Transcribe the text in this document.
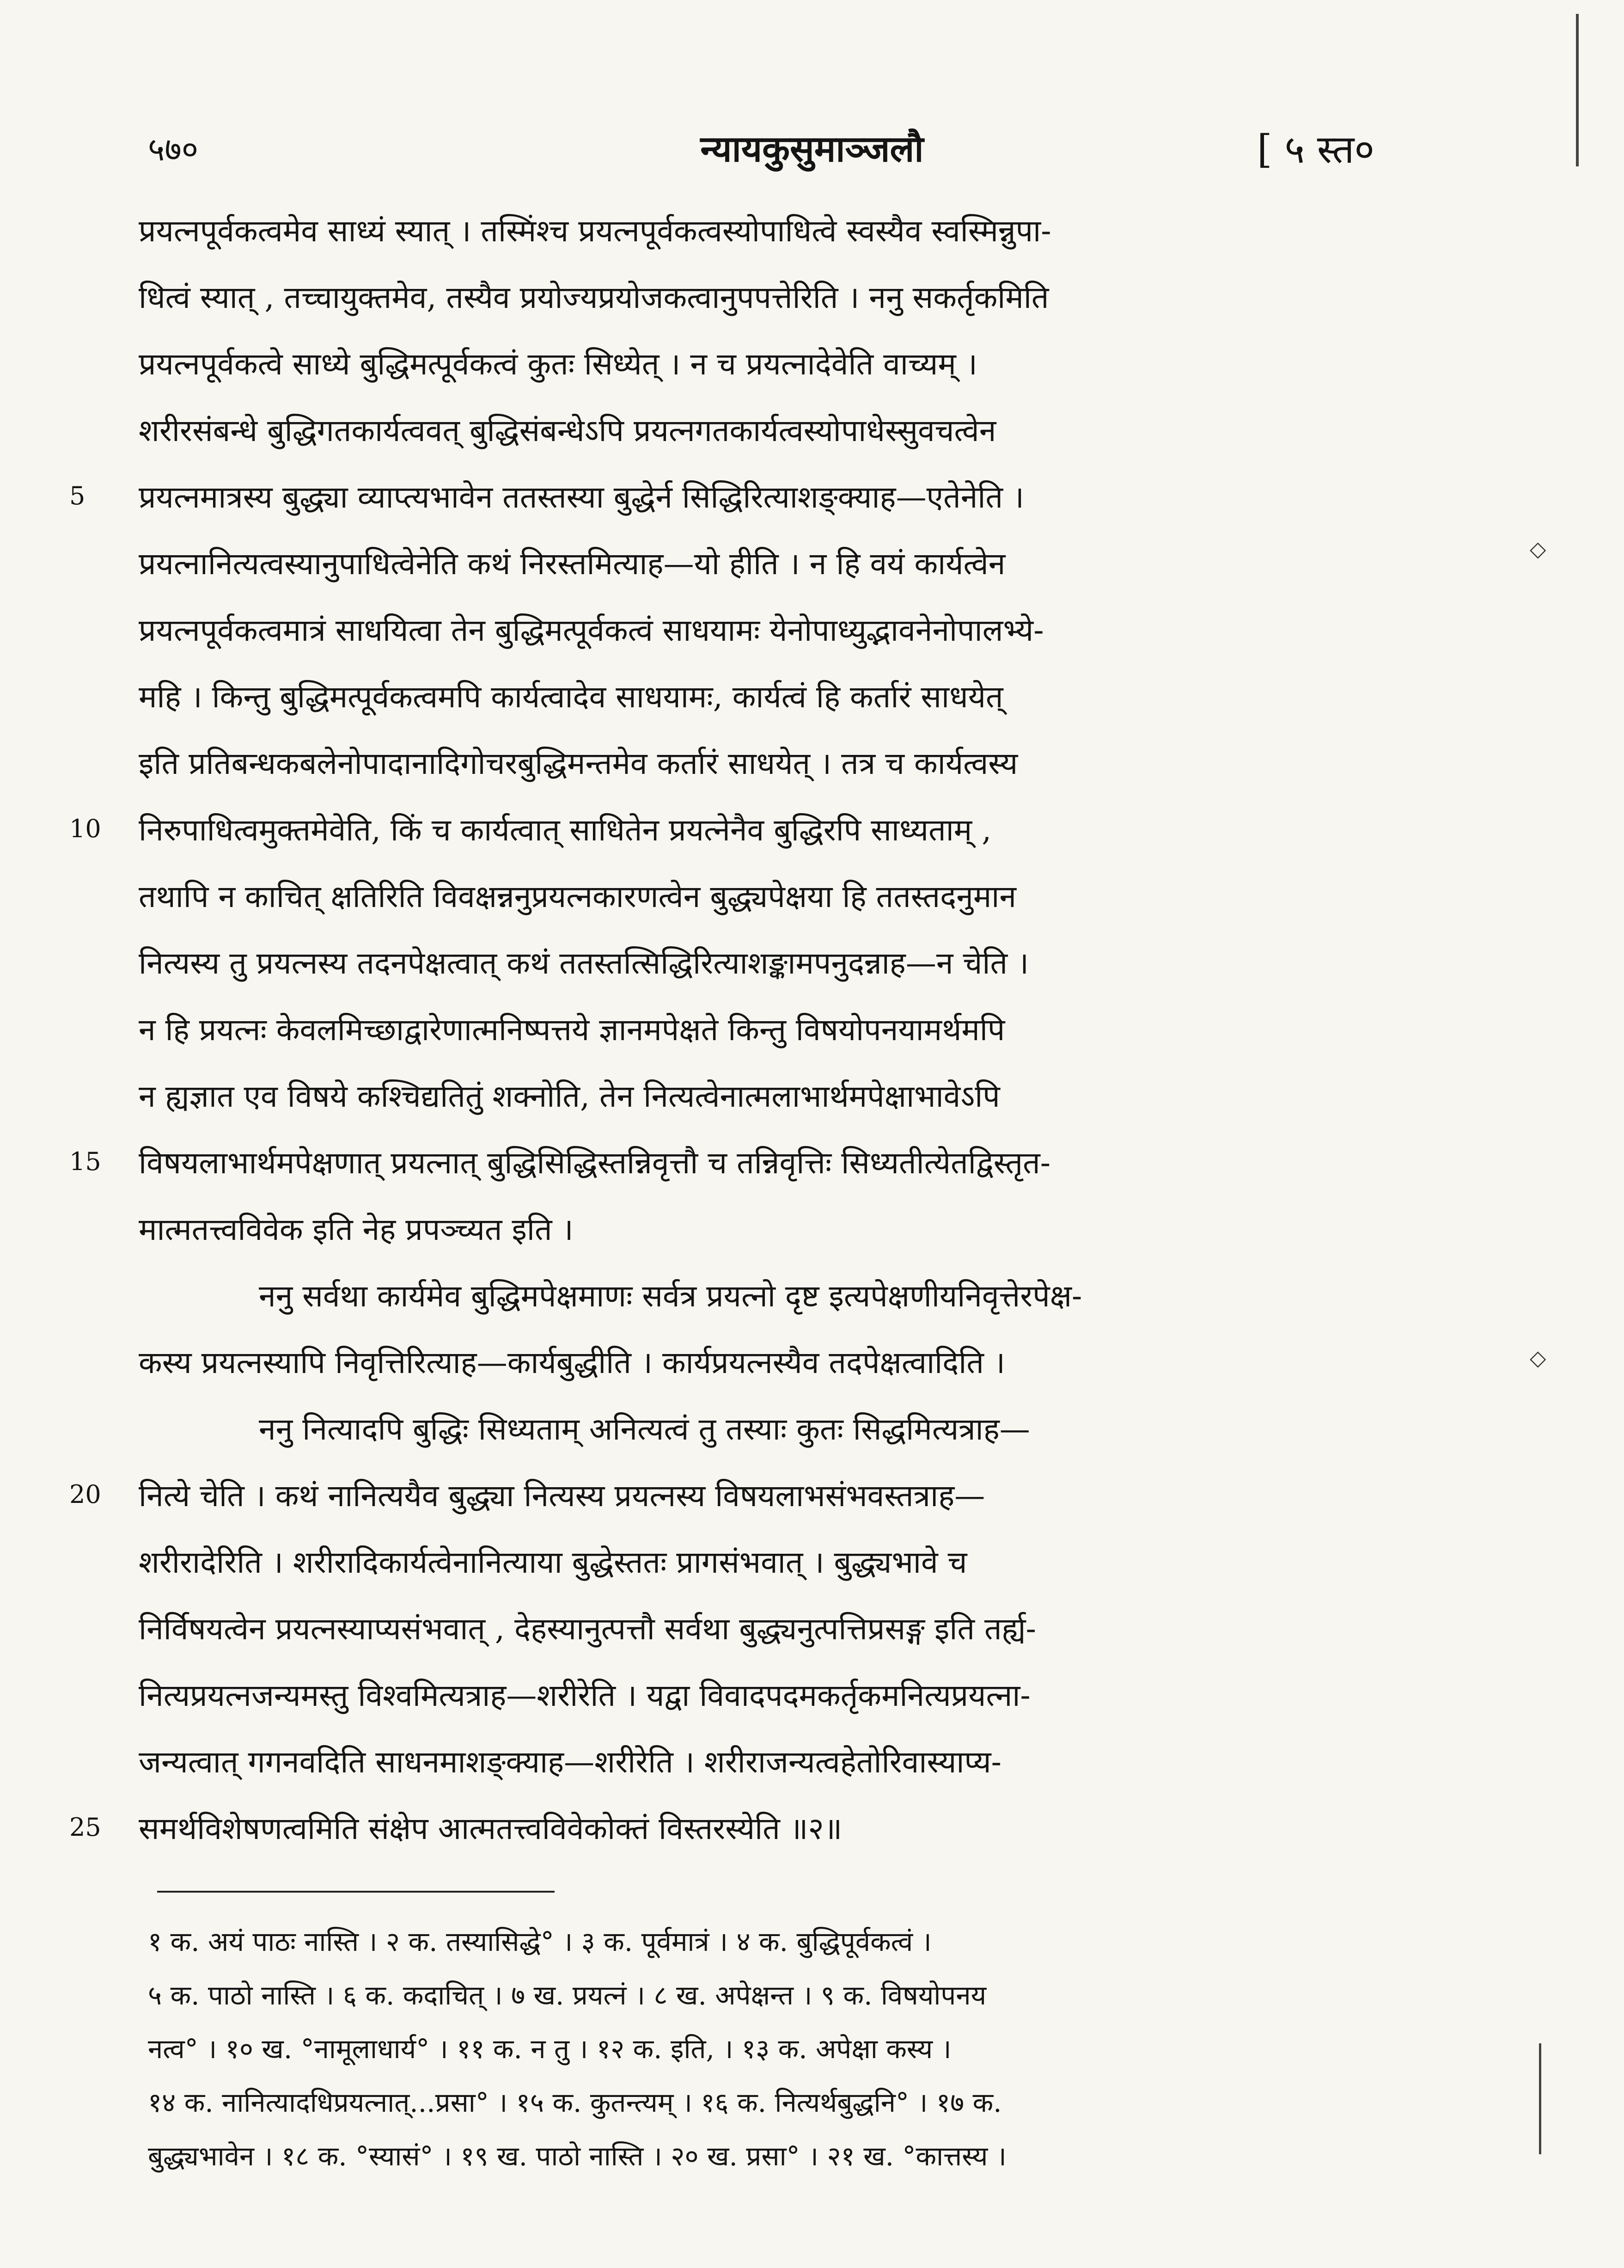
५७०	न्यायकुसुमाञ्जलौ	[ ५ स्त०
◇
◇
प्रयत्नपूर्वकत्वमेव साध्यं स्यात् । तस्मिंश्च प्रयत्नपूर्वकत्वस्योपाधित्वे स्वस्यैव स्वस्मिन्नुपा-
धित्वं स्यात् , तच्चायुक्तमेव, तस्यैव प्रयोज्यप्रयोजकत्वानुपपत्तेरिति । ननु सकर्तृकमिति
प्रयत्नपूर्वकत्वे साध्ये बुद्धिमत्पूर्वकत्वं कुतः सिध्येत् । न च प्रयत्नादेवेति वाच्यम् ।
शरीरसंबन्धे बुद्धिगतकार्यत्ववत् बुद्धिसंबन्धेऽपि प्रयत्नगतकार्यत्वस्योपाधेस्सुवचत्वेन
5	प्रयत्नमात्रस्य बुद्ध्या व्याप्त्यभावेन ततस्तस्या बुद्धेर्न सिद्धिरित्याशङ्क्याह—एतेनेति ।
प्रयत्नानित्यत्वस्यानुपाधित्वेनेति कथं निरस्तमित्याह—यो हीति । न हि वयं कार्यत्वेन
प्रयत्नपूर्वकत्वमात्रं साधयित्वा तेन बुद्धिमत्पूर्वकत्वं साधयामः येनोपाध्युद्भावनेनोपालभ्ये-
महि । किन्तु बुद्धिमत्पूर्वकत्वमपि कार्यत्वादेव साधयामः, कार्यत्वं हि कर्तारं साधयेत्
इति प्रतिबन्धकबलेनोपादानादिगोचरबुद्धिमन्तमेव कर्तारं साधयेत् । तत्र च कार्यत्वस्य
10	निरुपाधित्वमुक्तमेवेति, किं च कार्यत्वात् साधितेन प्रयत्नेनैव बुद्धिरपि साध्यताम् ,
तथापि न काचित् क्षतिरिति विवक्षन्ननुप्रयत्नकारणत्वेन बुद्ध्यपेक्षया हि ततस्तदनुमान
नित्यस्य तु प्रयत्नस्य तदनपेक्षत्वात् कथं ततस्तत्सिद्धिरित्याशङ्कामपनुदन्नाह—न चेति ।
न हि प्रयत्नः केवलमिच्छाद्वारेणात्मनिष्पत्तये ज्ञानमपेक्षते किन्तु विषयोपनयामर्थमपि
न ह्यज्ञात एव विषये कश्चिद्यतितुं शक्नोति, तेन नित्यत्वेनात्मलाभार्थमपेक्षाभावेऽपि
15	विषयलाभार्थमपेक्षणात् प्रयत्नात् बुद्धिसिद्धिस्तन्निवृत्तौ च तन्निवृत्तिः सिध्यतीत्येतद्विस्तृत-
मात्मतत्त्वविवेक इति नेह प्रपञ्च्यत इति ।
ननु सर्वथा कार्यमेव बुद्धिमपेक्षमाणः सर्वत्र प्रयत्नो दृष्ट इत्यपेक्षणीयनिवृत्तेरपेक्ष-
कस्य प्रयत्नस्यापि निवृत्तिरित्याह—कार्यबुद्धीति । कार्यप्रयत्नस्यैव तदपेक्षत्वादिति ।
ननु नित्यादपि बुद्धिः सिध्यताम् अनित्यत्वं तु तस्याः कुतः सिद्धमित्यत्राह—
20	नित्ये चेति । कथं नानित्ययैव बुद्ध्या नित्यस्य प्रयत्नस्य विषयलाभसंभवस्तत्राह—
शरीरादेरिति । शरीरादिकार्यत्वेनानित्याया बुद्धेस्ततः प्रागसंभवात् । बुद्ध्यभावे च
निर्विषयत्वेन प्रयत्नस्याप्यसंभवात् , देहस्यानुत्पत्तौ सर्वथा बुद्ध्यनुत्पत्तिप्रसङ्ग इति तर्ह्य-
नित्यप्रयत्नजन्यमस्तु विश्वमित्यत्राह—शरीरेति । यद्वा विवादपदमकर्तृकमनित्यप्रयत्ना-
जन्यत्वात् गगनवदिति साधनमाशङ्क्याह—शरीरेति । शरीराजन्यत्वहेतोरिवास्याप्य-
25	समर्थविशेषणत्वमिति संक्षेप आत्मतत्त्वविवेकोक्तं विस्तरस्येति ॥२॥
१ क. अयं पाठः नास्ति । २ क. तस्यासिद्धे° । ३ क. पूर्वमात्रं । ४ क. बुद्धिपूर्वकत्वं ।
५ क. पाठो नास्ति । ६ क. कदाचित् । ७ ख. प्रयत्नं । ८ ख. अपेक्षन्त । ९ क. विषयोपनय
नत्व° । १० ख. °नामूलाधार्य° । ११ क. न तु । १२ क. इति, । १३ क. अपेक्षा कस्य ।
१४ क. नानित्यादधिप्रयत्नात्...प्रसा° । १५ क. कुतन्त्यम् । १६ क. नित्यर्थबुद्धनि° । १७ क.
बुद्ध्यभावेन । १८ क. °स्यासं° । १९ ख. पाठो नास्ति । २० ख. प्रसा° । २१ ख. °कात्तस्य ।
